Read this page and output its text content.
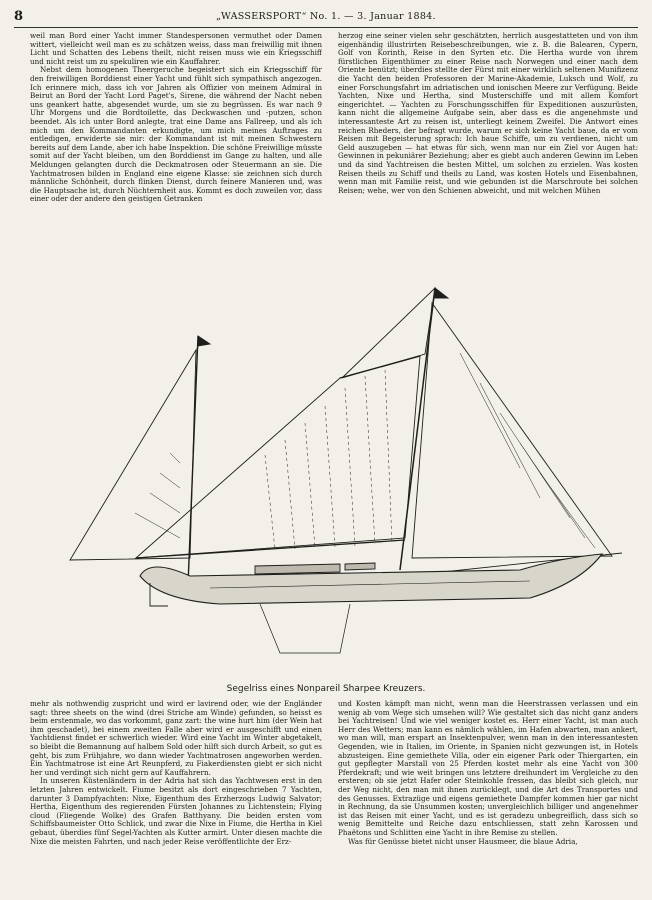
8	„WASSERSPORT“ No. 1. — 3. Januar 1884.

weil man Bord einer Yacht immer Standespersonen vermuthet oder Damen wittert, vielleicht weil man es zu schätzen weiss, dass man freiwillig mit ihnen Licht und Schatten des Lebens theilt, nicht reisen muss wie ein Kriegsschiff und nicht reist um zu spekuliren wie ein Kauffahrer.

Nebst dem homogenen Theergeruche begeistert sich ein Kriegsschiff für den freiwilligen Borddienst einer Yacht und fühlt sich sympathisch angezogen. Ich erinnere mich, dass ich vor Jahren als Offizier von meinem Admiral in Beirut an Bord der Yacht Lord Paget's, Sirene, die während der Nacht neben uns geankert hatte, abgesendet wurde, um sie zu begrüssen. Es war nach 9 Uhr Morgens und die Bordtoilette, das Deckwaschen und -putzen, schon beendet. Als ich unter Bord anlegte, trat eine Dame ans Fallreep, und als ich mich um den Kommandanten erkundigte, um mich meines Auftrages zu entledigen, erwiderte sie mir: der Kommandant ist mit meinen Schwestern bereits auf dem Lande, aber ich habe Inspektion. Die schöne Freiwillige müsste somit auf der Yacht bleiben, um den Borddienst im Gange zu halten, und alle Meldungen gelangten durch die Deckmatrosen oder Steuermann an sie. Die Yachtmatrosen bilden in England eine eigene Klasse: sie zeichnen sich durch männliche Schönheit, durch flinken Dienst, durch feinere Manieren und, was die Hauptsache ist, durch Nüchternheit aus. Kommt es doch zuweilen vor, dass einer oder der andere den geistigen Getranken

herzog eine seiner vielen sehr geschätzten, herrlich ausgestatteten und von ihm eigenhändig illustrirten Reisebeschreibungen, wie z. B. die Balearen, Cypern, Golf von Korinth, Reise in den Syrten etc. Die Hertha wurde von ihrem fürstlichen Eigenthümer zu einer Reise nach Norwegen und einer nach dem Oriente benützt; überdies stellte der Fürst mit einer wirklich seltenen Munifizenz die Yacht den beiden Professoren der Marine-Akademie, Luksch und Wolf, zu einer Forschungsfahrt im adriatischen und ionischen Meere zur Verfügung. Beide Yachten, Nixe und Hertha, sind Musterschiffe und mit allem Komfort eingerichtet. — Yachten zu Forschungsschiffen für Expeditionen auszurüsten, kann nicht die allgemeine Aufgabe sein, aber dass es die angenehmste und interessanteste Art zu reisen ist, unterliegt keinem Zweifel. Die Antwort eines reichen Rheders, der befragt wurde, warum er sich keine Yacht baue, da er vom Reisen mit Begeisterung sprach: Ich baue Schiffe, um zu verdienen, nicht um Geld auszugeben — hat etwas für sich, wenn man nur ein Ziel vor Augen hat: Gewinnen in pekuniärer Beziehung; aber es giebt auch anderen Gewinn im Leben und da sind Yachtreisen die besten Mittel, um solchen zu erzielen. Was kosten Reisen theils zu Schiff und theils zu Land, was kosten Hotels und Eisenbahnen, wenn man mit Familie reist, und wie gebunden ist die Marschroute bei solchen Reisen; wehe, wer von den Schienen abweicht, und mit welchen Mühen

Segelriss eines Nonpareil Sharpee Kreuzers.

mehr als nothwendig zuspricht und wird er lavirend oder, wie der Engländer sagt: three sheets on the wind (drei Striche am Winde) gefunden, so heisst es beim erstenmale, wo das vorkommt, ganz zart: the wine hurt him (der Wein hat ihm geschadet), bei einem zweiten Falle aber wird er ausgeschifft und einen Yachtdienst findet er schwerlich wieder. Wird eine Yacht im Winter abgetakelt, so bleibt die Bemannung auf halbem Sold oder hilft sich durch Arbeit, so gut es geht, bis zum Frühjahre, wo dann wieder Yachtmatrosen angeworben werden. Ein Yachtmatrose ist eine Art Reunpferd, zu Fiakerdiensten giebt er sich nicht her und verdingt sich nicht gern auf Kauffahrern.

In unseren Küstenländern in der Adria hat sich das Yachtwesen erst in den letzten Jahren entwickelt. Fiume besitzt als dort eingeschrieben 7 Yachten, darunter 3 Dampfyachten: Nixe, Eigenthum des Erzherzogs Ludwig Salvator; Hertha, Eigenthum des regierenden Fürsten Johannes zu Lichtenstein; Flying cloud (Fliegende Wolke) des Grafen Batthyany. Die beiden ersten vom Schiffsbaumeister Otto Schlick, und zwar die Nixe in Fiume, die Hertha in Kiel gebaut, überdies fünf Segel-Yachten als Kutter armirt. Unter diesen machte die Nixe die meisten Fahrten, und nach jeder Reise veröffentlichte der Erz-

und Kosten kämpft man nicht, wenn man die Heerstrassen verlassen und ein wenig ab vom Wege sich umsehen will? Wie gestaltet sich das nicht ganz anders bei Yachtreisen! Und wie viel weniger kostet es. Herr einer Yacht, ist man auch Herr des Wetters; man kann es nämlich wählen, im Hafen abwarten, man ankert, wo man will, man erspart an Insektenpulver, wenn man in den interessantesten Gegenden, wie in Italien, im Oriente, in Spanien nicht gezwungen ist, in Hotels abzusteigen. Eine gemiethete Villa, oder ein eigener Park oder Thiergarten, ein gut gepflegter Marstall von 25 Pferden kostet mehr als eine Yacht von 300 Pferdekraft; und wie weit bringen uns letztere dreihundert im Vergleiche zu den ersteren; ob sie jetzt Hafer oder Steinkohle fressen, das bleibt sich gleich, nur der Weg nicht, den man mit ihnen zurücklegt, und die Art des Transportes und des Genusses. Extrazüge und eigens gemiethete Dampfer kommen hier gar nicht in Rechnung, da sie Unsummen kosten; unvergleichlich billiger und angenehmer ist das Reisen mit einer Yacht, und es ist geradezu unbegreiflich, dass sich so wenig Bemittelte und Reiche dazu entschliessen, statt zehn Karossen und Phaëtons und Schlitten eine Yacht in ihre Remise zu stellen.

Was für Genüsse bietet nicht unser Hausmeer, die blaue Adria,
